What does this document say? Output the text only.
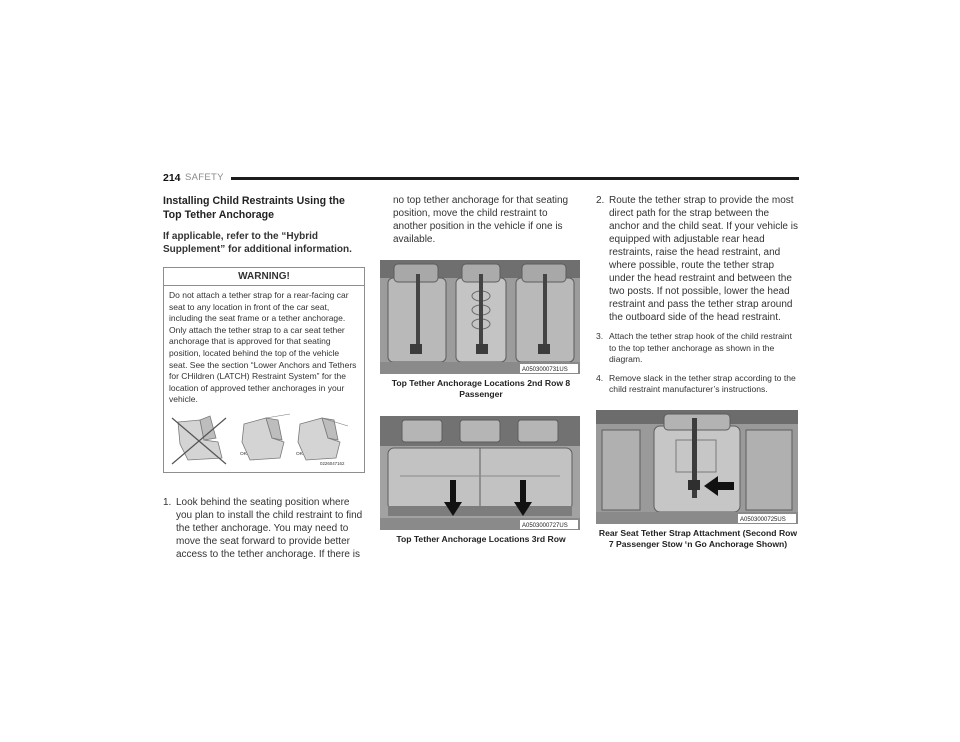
214 SAFETY
Installing Child Restraints Using the Top Tether Anchorage

If applicable, refer to the “Hybrid Supplement” for additional information.

WARNING!
Do not attach a tether strap for a rear-facing car seat to any location in front of the car seat, including the seat frame or a tether anchorage. Only attach the tether strap to a car seat tether anchorage that is approved for that seating position, located behind the top of the vehicle seat. See the section “Lower Anchors and Tethers for CHildren (LATCH) Restraint System” for the location of approved tether anchorages in your vehicle.
OK	OK
0226047162
1. Look behind the seating position where you plan to install the child restraint to find the tether anchorage. You may need to move the seat forward to provide better access to the tether anchorage. If there is
no top tether anchorage for that seating position, move the child restraint to another position in the vehicle if one is available.
A0503000731US
Top Tether Anchorage Locations 2nd Row 8 Passenger
A0503000727US
Top Tether Anchorage Locations 3rd Row
2. Route the tether strap to provide the most direct path for the strap between the anchor and the child seat. If your vehicle is equipped with adjustable rear head restraints, raise the head restraint, and where possible, route the tether strap under the head restraint and between the two posts. If not possible, lower the head restraint and pass the tether strap around the outboard side of the head restraint.
3. Attach the tether strap hook of the child restraint to the top tether anchorage as shown in the diagram.
4. Remove slack in the tether strap according to the child restraint manufacturer’s instructions.
A0503000725US
Rear Seat Tether Strap Attachment (Second Row 7 Passenger Stow ‘n Go Anchorage Shown)
